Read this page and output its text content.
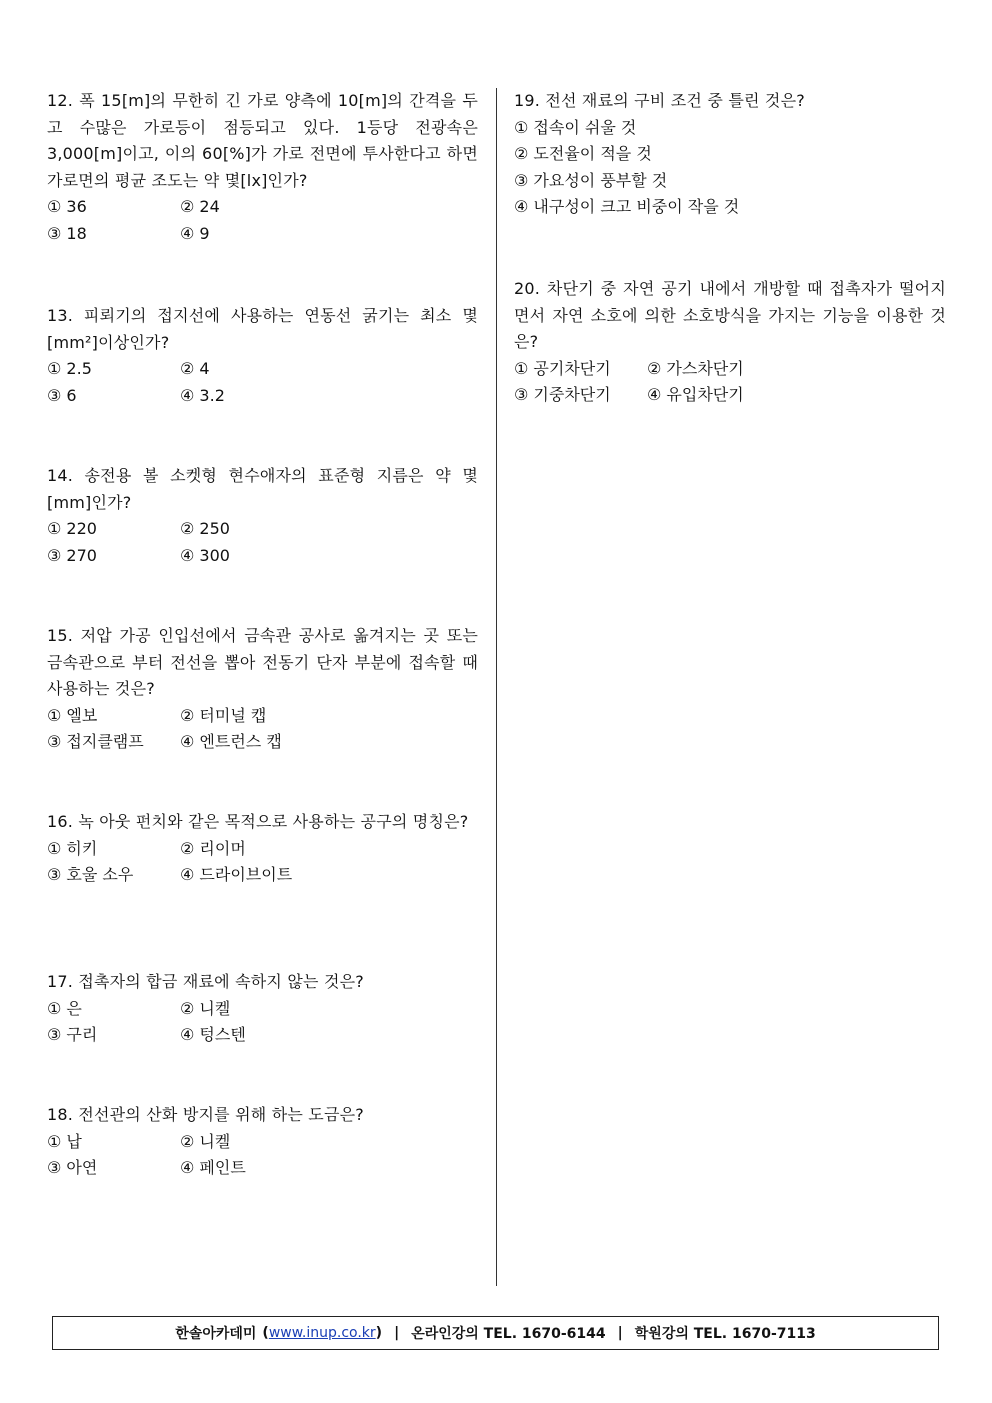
12. 폭 15[m]의 무한히 긴 가로 양측에 10[m]의 간격을 두고 수많은 가로등이 점등되고 있다. 1등당 전광속은 3,000[m]이고, 이의 60[%]가 가로 전면에 투사한다고 하면 가로면의 평균 조도는 약 몇[lx]인가?

① 36	② 24
③ 18	④ 9

13. 피뢰기의 접지선에 사용하는 연동선 굵기는 최소 몇 [mm²]이상인가?

① 2.5	② 4
③ 6	④ 3.2

14. 송전용 볼 소켓형 현수애자의 표준형 지름은 약 몇 [mm]인가?

① 220	② 250
③ 270	④ 300

15. 저압 가공 인입선에서 금속관 공사로 옮겨지는 곳 또는 금속관으로 부터 전선을 뽑아 전동기 단자 부분에 접속할 때 사용하는 것은?

① 엘보	② 터미널 캡
③ 접지클램프	④ 엔트런스 캡

16. 녹 아웃 펀치와 같은 목적으로 사용하는 공구의 명칭은?

① 히키	② 리이머
③ 호울 소우	④ 드라이브이트

17. 접촉자의 합금 재료에 속하지 않는 것은?

① 은	② 니켈
③ 구리	④ 텅스텐

18. 전선관의 산화 방지를 위해 하는 도금은?

① 납	② 니켈
③ 아연	④ 페인트

19. 전선 재료의 구비 조건 중 틀린 것은?

① 접속이 쉬울 것
② 도전율이 적을 것
③ 가요성이 풍부할 것
④ 내구성이 크고 비중이 작을 것

20. 차단기 중 자연 공기 내에서 개방할 때 접촉자가 떨어지면서 자연 소호에 의한 소호방식을 가지는 기능을 이용한 것은?

① 공기차단기	② 가스차단기
③ 기중차단기	④ 유입차단기
한솔아카데미 ( www.inup.co.kr ) | 온라인강의 TEL. 1670-6144 | 학원강의 TEL. 1670-7113
